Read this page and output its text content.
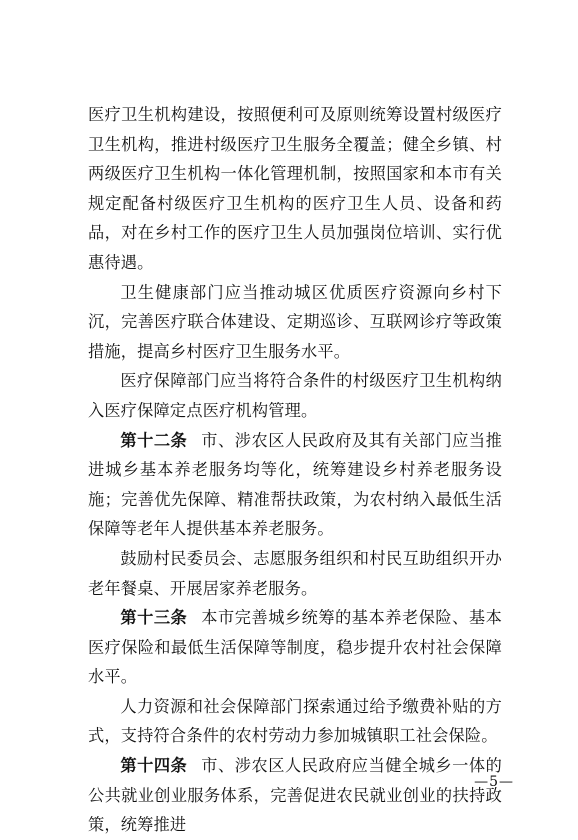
医疗卫生机构建设，按照便利可及原则统筹设置村级医疗卫生机构，推进村级医疗卫生服务全覆盖；健全乡镇、村两级医疗卫生机构一体化管理机制，按照国家和本市有关规定配备村级医疗卫生机构的医疗卫生人员、设备和药品，对在乡村工作的医疗卫生人员加强岗位培训、实行优惠待遇。

卫生健康部门应当推动城区优质医疗资源向乡村下沉，完善医疗联合体建设、定期巡诊、互联网诊疗等政策措施，提高乡村医疗卫生服务水平。

医疗保障部门应当将符合条件的村级医疗卫生机构纳入医疗保障定点医疗机构管理。

第十二条 市、涉农区人民政府及其有关部门应当推进城乡基本养老服务均等化，统筹建设乡村养老服务设施；完善优先保障、精准帮扶政策，为农村纳入最低生活保障等老年人提供基本养老服务。

鼓励村民委员会、志愿服务组织和村民互助组织开办老年餐桌、开展居家养老服务。

第十三条 本市完善城乡统筹的基本养老保险、基本医疗保险和最低生活保障等制度，稳步提升农村社会保障水平。

人力资源和社会保障部门探索通过给予缴费补贴的方式，支持符合条件的农村劳动力参加城镇职工社会保险。

第十四条 市、涉农区人民政府应当健全城乡一体的公共就业创业服务体系，完善促进农民就业创业的扶持政策，统筹推进

—5—
